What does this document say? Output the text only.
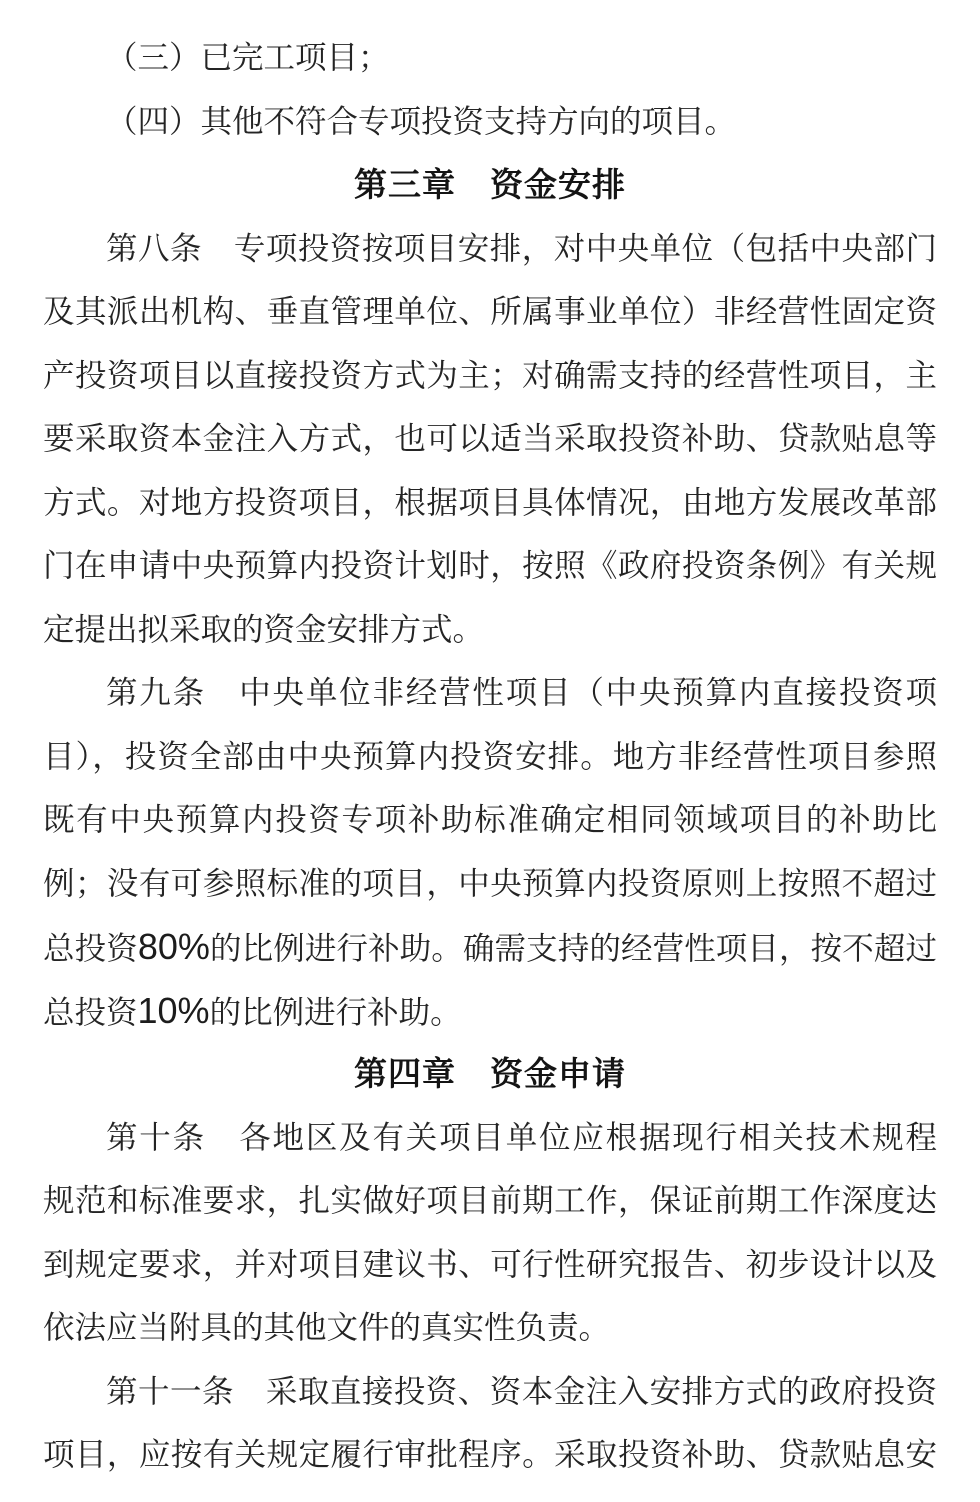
（三）已完工项目；
（四）其他不符合专项投资支持方向的项目。
第三章　资金安排
第八条　专项投资按项目安排，对中央单位（包括中央部门
及其派出机构、垂直管理单位、所属事业单位）非经营性固定资
产投资项目以直接投资方式为主；对确需支持的经营性项目，主
要采取资本金注入方式，也可以适当采取投资补助、贷款贴息等
方式。对地方投资项目，根据项目具体情况，由地方发展改革部
门在申请中央预算内投资计划时，按照《政府投资条例》有关规
定提出拟采取的资金安排方式。
第九条　中央单位非经营性项目（中央预算内直接投资项
目），投资全部由中央预算内投资安排。地方非经营性项目参照
既有中央预算内投资专项补助标准确定相同领域项目的补助比
例；没有可参照标准的项目，中央预算内投资原则上按照不超过
总投资80%的比例进行补助。确需支持的经营性项目，按不超过
总投资10%的比例进行补助。
第四章　资金申请
第十条　各地区及有关项目单位应根据现行相关技术规程
规范和标准要求，扎实做好项目前期工作，保证前期工作深度达
到规定要求，并对项目建议书、可行性研究报告、初步设计以及
依法应当附具的其他文件的真实性负责。
第十一条　采取直接投资、资本金注入安排方式的政府投资
项目，应按有关规定履行审批程序。采取投资补助、贷款贴息安
